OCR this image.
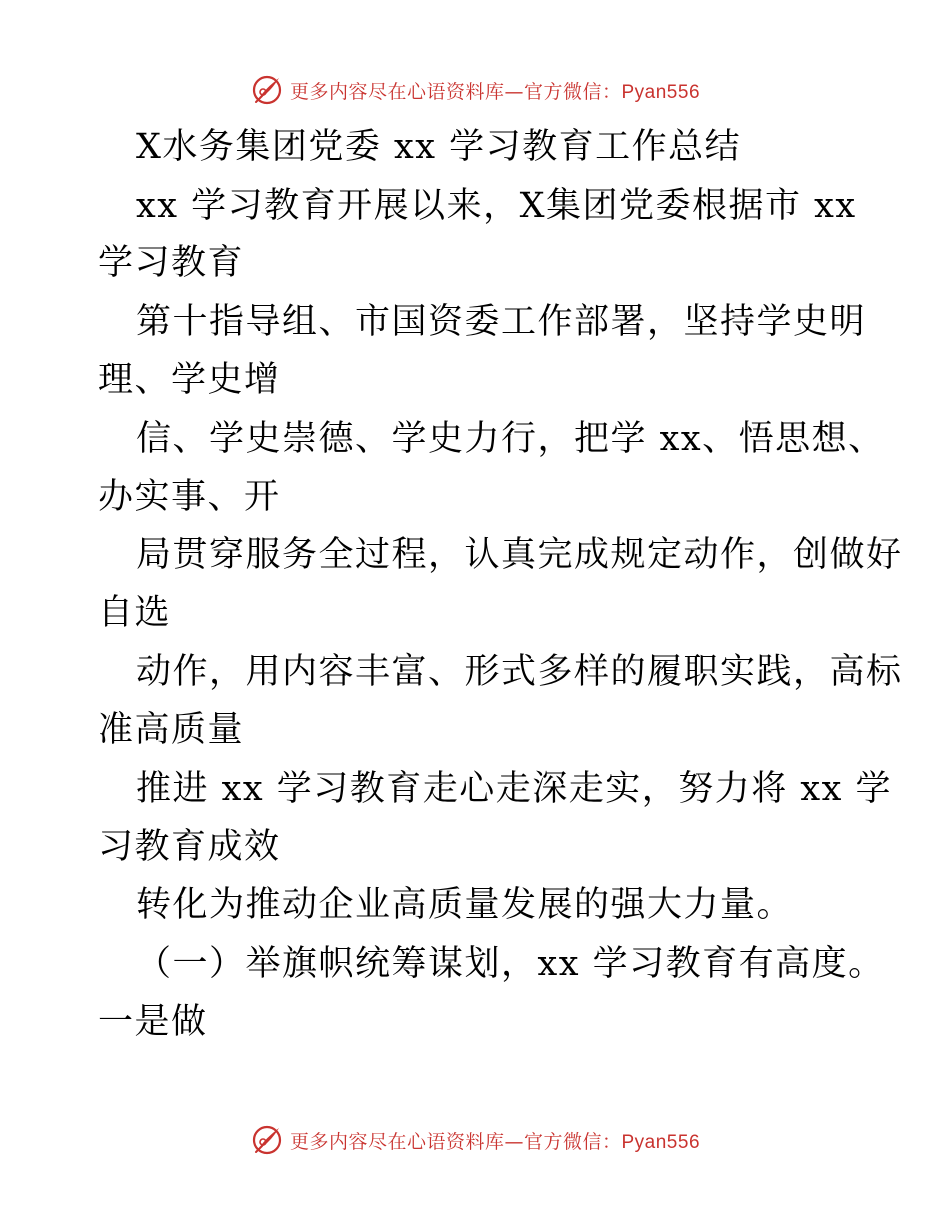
更多内容尽在心语资料库—官方微信：Pyan556
X水务集团党委 xx 学习教育工作总结
xx 学习教育开展以来，X集团党委根据市 xx
学习教育
第十指导组、市国资委工作部署，坚持学史明
理、学史增
信、学史崇德、学史力行，把学 xx、悟思想、
办实事、开
局贯穿服务全过程，认真完成规定动作，创做好
自选
动作，用内容丰富、形式多样的履职实践，高标
准高质量
推进 xx 学习教育走心走深走实，努力将 xx 学
习教育成效
转化为推动企业高质量发展的强大力量。
（一）举旗帜统筹谋划，xx 学习教育有高度。
一是做
更多内容尽在心语资料库—官方微信：Pyan556
